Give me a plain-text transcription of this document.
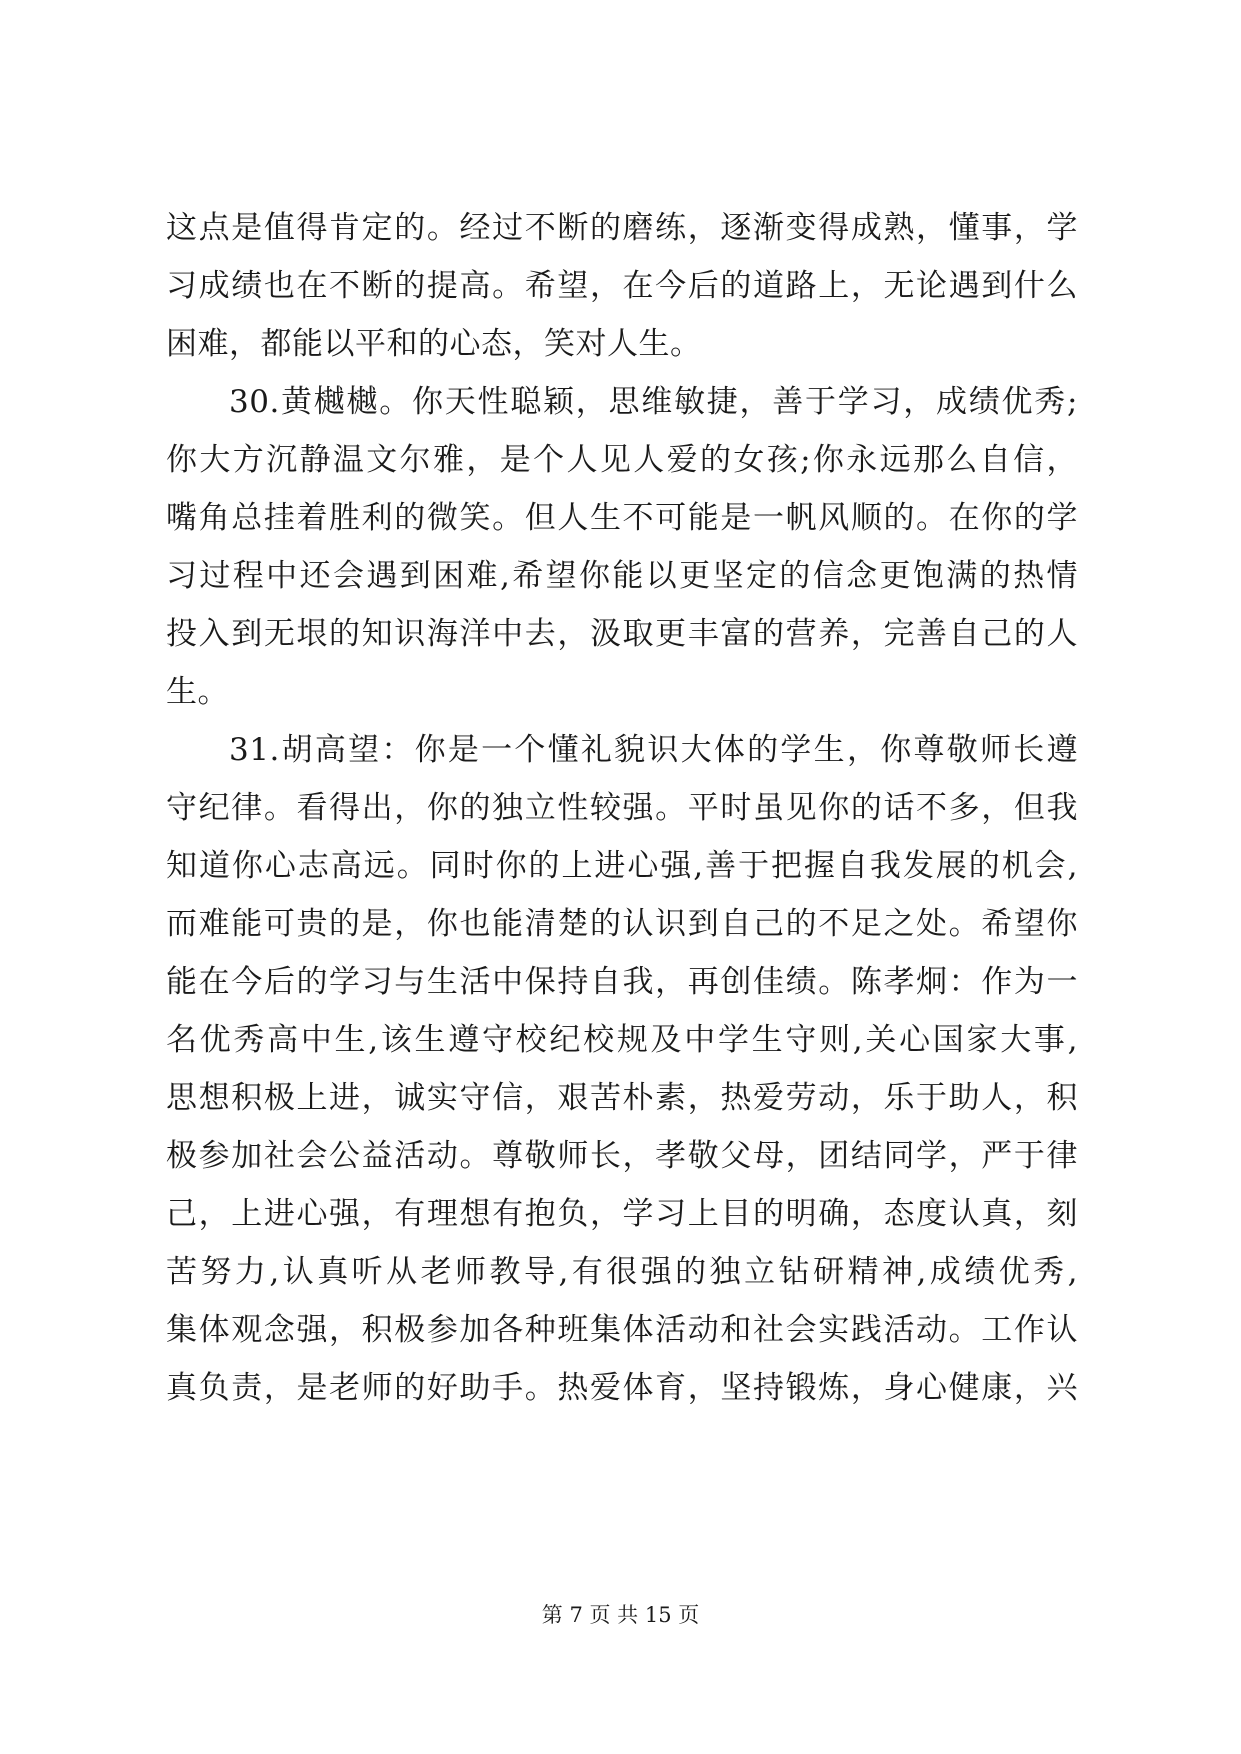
这点是值得肯定的。经过不断的磨练，逐渐变得成熟，懂事，学
习成绩也在不断的提高。希望，在今后的道路上，无论遇到什么
困难，都能以平和的心态，笑对人生。
30.黄樾樾。你天性聪颖，思维敏捷，善于学习，成绩优秀;
你大方沉静温文尔雅，是个人见人爱的女孩;你永远那么自信，
嘴角总挂着胜利的微笑。但人生不可能是一帆风顺的。在你的学
习过程中还会遇到困难,希望你能以更坚定的信念更饱满的热情
投入到无垠的知识海洋中去，汲取更丰富的营养，完善自己的人
生。
31.胡高望：你是一个懂礼貌识大体的学生，你尊敬师长遵
守纪律。看得出，你的独立性较强。平时虽见你的话不多，但我
知道你心志高远。同时你的上进心强,善于把握自我发展的机会,
而难能可贵的是，你也能清楚的认识到自己的不足之处。希望你
能在今后的学习与生活中保持自我，再创佳绩。陈孝炯：作为一
名优秀高中生,该生遵守校纪校规及中学生守则,关心国家大事,
思想积极上进，诚实守信，艰苦朴素，热爱劳动，乐于助人，积
极参加社会公益活动。尊敬师长，孝敬父母，团结同学，严于律
己，上进心强，有理想有抱负，学习上目的明确，态度认真，刻
苦努力,认真听从老师教导,有很强的独立钻研精神,成绩优秀,
集体观念强，积极参加各种班集体活动和社会实践活动。工作认
真负责，是老师的好助手。热爱体育，坚持锻炼，身心健康，兴
第 7 页 共 15 页
